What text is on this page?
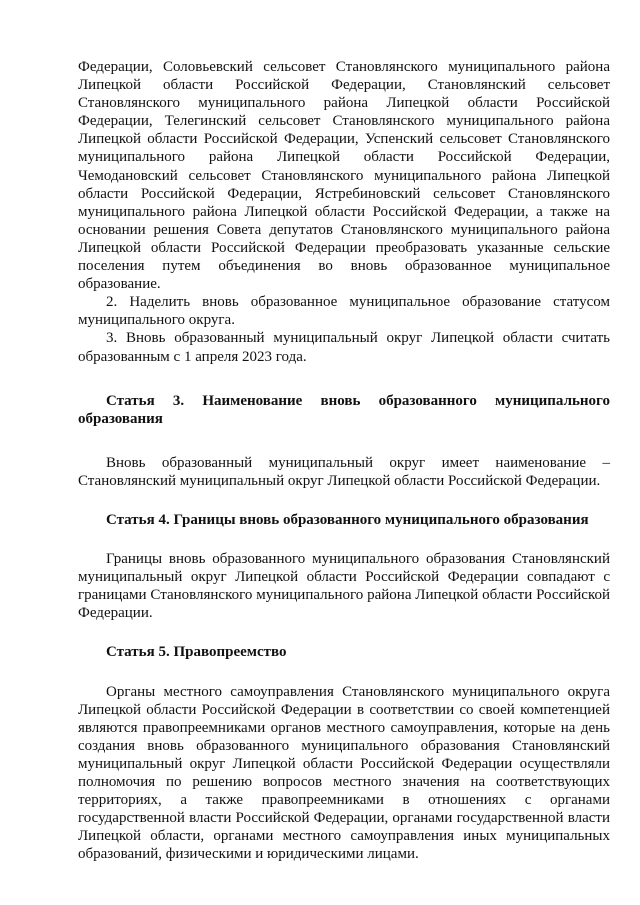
Федерации, Соловьевский сельсовет Становлянского муниципального района Липецкой области Российской Федерации, Становлянский сельсовет Становлянского муниципального района Липецкой области Российской Федерации, Телегинский сельсовет Становлянского муниципального района Липецкой области Российской Федерации, Успенский сельсовет Становлянского муниципального района Липецкой области Российской Федерации, Чемодановский сельсовет Становлянского муниципального района Липецкой области Российской Федерации, Ястребиновский сельсовет Становлянского муниципального района Липецкой области Российской Федерации, а также на основании решения Совета депутатов Становлянского муниципального района Липецкой области Российской Федерации преобразовать указанные сельские поселения путем объединения во вновь образованное муниципальное образование.

2. Наделить вновь образованное муниципальное образование статусом муниципального округа.

3. Вновь образованный муниципальный округ Липецкой области считать образованным с 1 апреля 2023 года.

Статья 3. Наименование вновь образованного муниципального образования

Вновь образованный муниципальный округ имеет наименование – Становлянский муниципальный округ Липецкой области Российской Федерации.

Статья 4. Границы вновь образованного муниципального образования

Границы вновь образованного муниципального образования Становлянский муниципальный округ Липецкой области Российской Федерации совпадают с границами Становлянского муниципального района Липецкой области Российской Федерации.

Статья 5. Правопреемство

Органы местного самоуправления Становлянского муниципального округа Липецкой области Российской Федерации в соответствии со своей компетенцией являются правопреемниками органов местного самоуправления, которые на день создания вновь образованного муниципального образования Становлянский муниципальный округ Липецкой области Российской Федерации осуществляли полномочия по решению вопросов местного значения на соответствующих территориях, а также правопреемниками в отношениях с органами государственной власти Российской Федерации, органами государственной власти Липецкой области, органами местного самоуправления иных муниципальных образований, физическими и юридическими лицами.
